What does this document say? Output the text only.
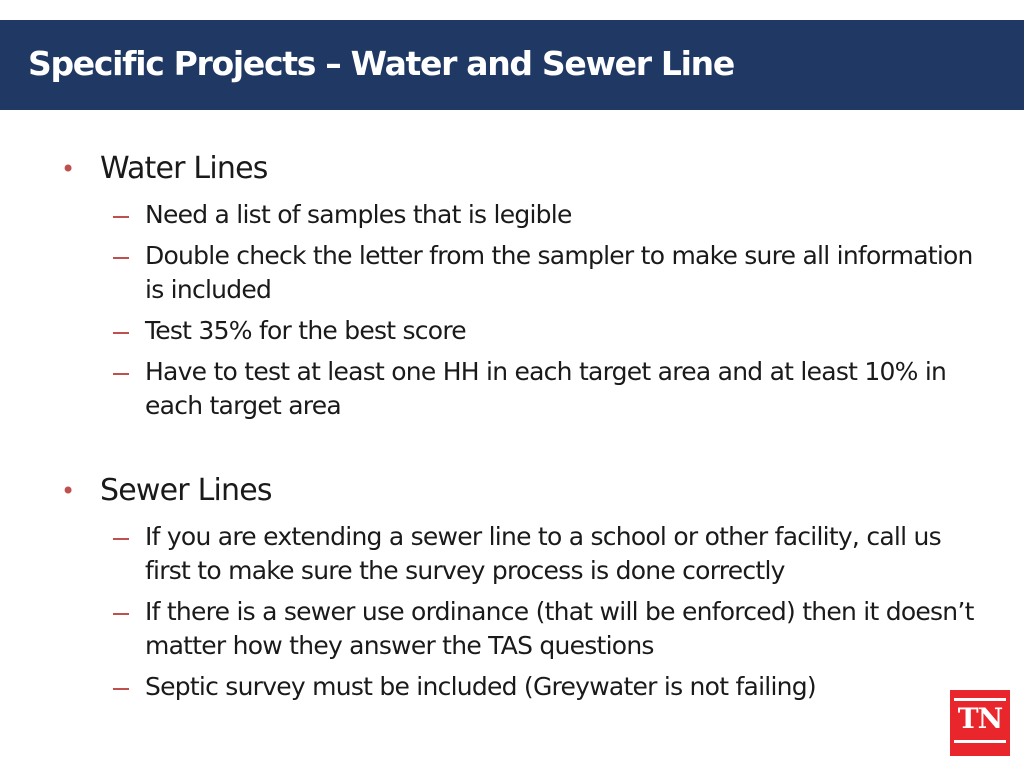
Specific Projects – Water and Sewer Line
• Water Lines
Need a list of samples that is legible
Double check the letter from the sampler to make sure all information is included
Test 35% for the best score
Have to test at least one HH in each target area and at least 10% in each target area
• Sewer Lines
If you are extending a sewer line to a school or other facility, call us first to make sure the survey process is done correctly
If there is a sewer use ordinance (that will be enforced) then it doesn’t matter how they answer the TAS questions
Septic survey must be included (Greywater is not failing)
TN
